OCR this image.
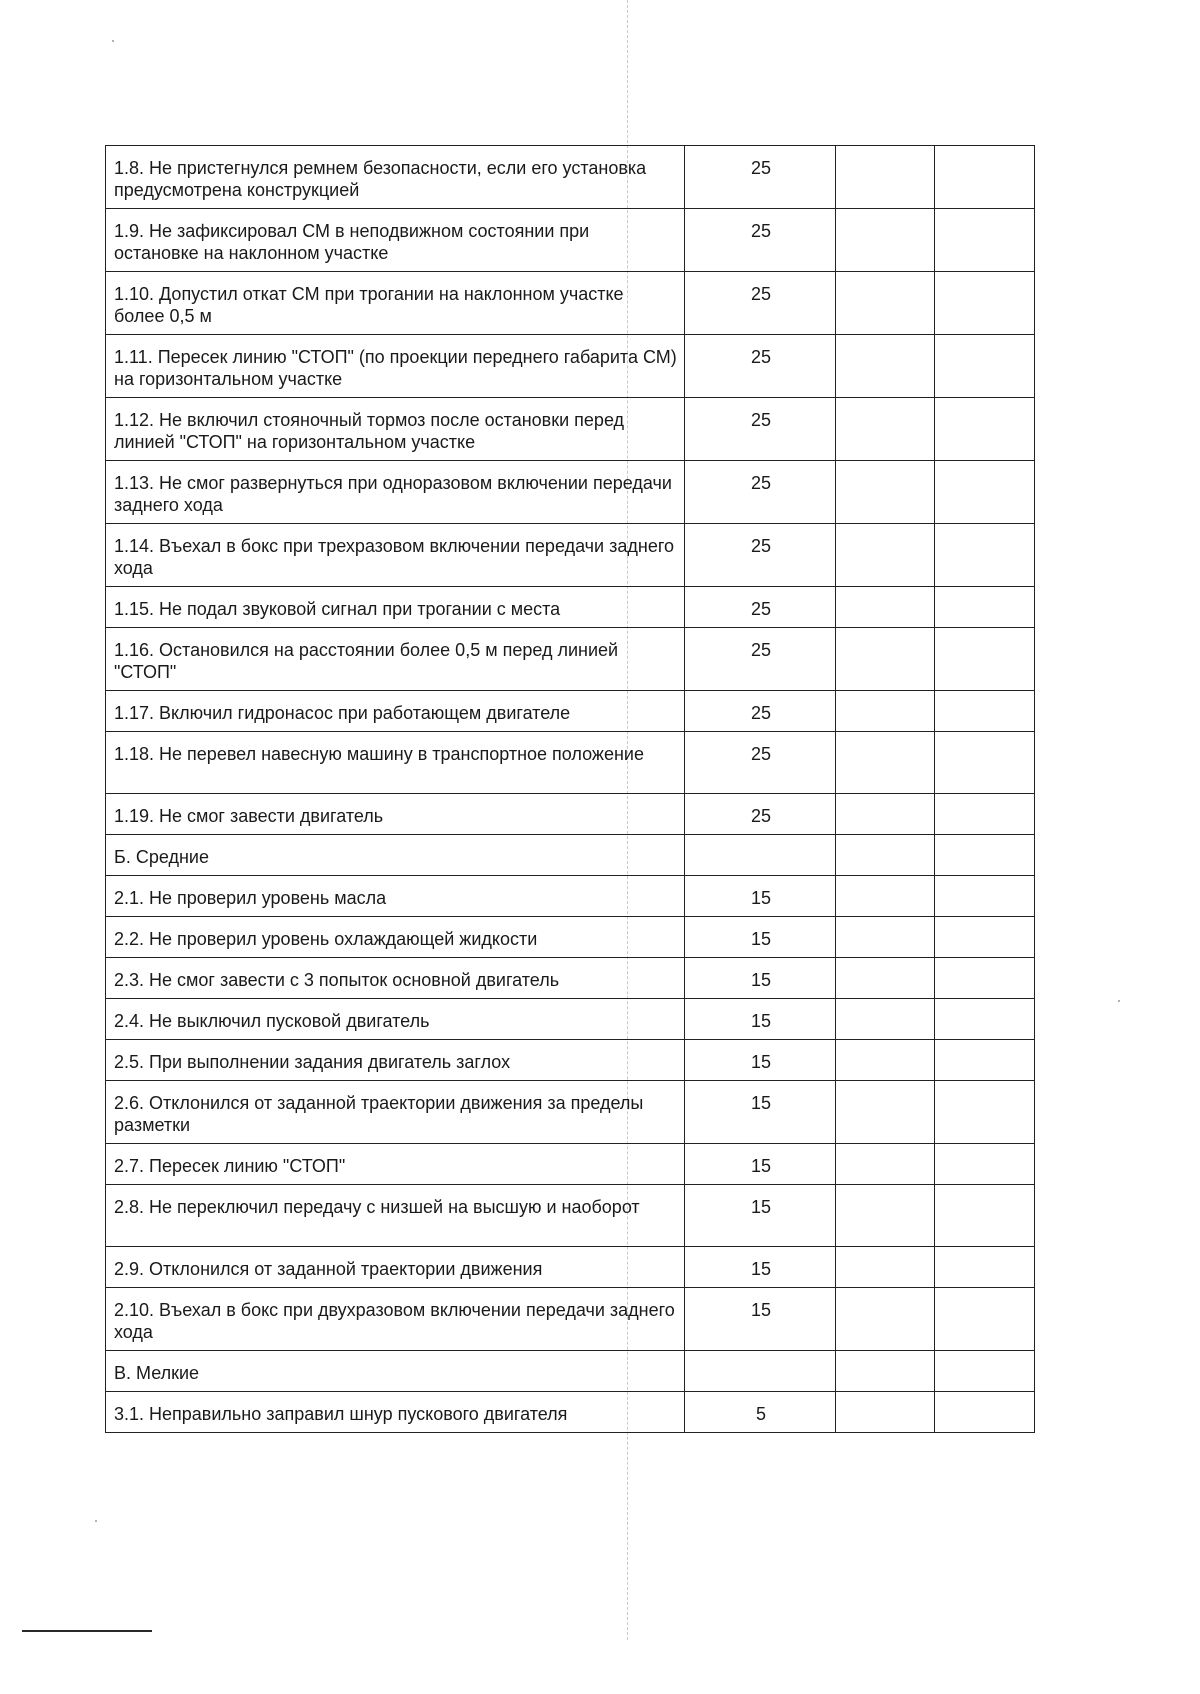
1.8. Не пристегнулся ремнем безопасности, если его установка предусмотрена конструкцией	25		
1.9. Не зафиксировал СМ в неподвижном состоянии при остановке на наклонном участке	25		
1.10. Допустил откат СМ при трогании на наклонном участке более 0,5 м	25		
1.11. Пересек линию "СТОП" (по проекции переднего габарита СМ) на горизонтальном участке	25		
1.12. Не включил стояночный тормоз после остановки перед линией "СТОП" на горизонтальном участке	25		
1.13. Не смог развернуться при одноразовом включении передачи заднего хода	25		
1.14. Въехал в бокс при трехразовом включении передачи заднего хода	25		
1.15. Не подал звуковой сигнал при трогании с места	25		
1.16. Остановился на расстоянии более 0,5 м перед линией "СТОП"	25		
1.17. Включил гидронасос при работающем двигателе	25		
1.18. Не перевел навесную машину в транспортное положение	25		
1.19. Не смог завести двигатель	25		
Б. Средние			
2.1. Не проверил уровень масла	15		
2.2. Не проверил уровень охлаждающей жидкости	15		
2.3. Не смог завести с 3 попыток основной двигатель	15		
2.4. Не выключил пусковой двигатель	15		
2.5. При выполнении задания двигатель заглох	15		
2.6. Отклонился от заданной траектории движения за пределы разметки	15		
2.7. Пересек линию "СТОП"	15		
2.8. Не переключил передачу с низшей на высшую и наоборот	15		
2.9. Отклонился от заданной траектории движения	15		
2.10. Въехал в бокс при двухразовом включении передачи заднего хода	15		
В. Мелкие			
3.1. Неправильно заправил шнур пускового двигателя	5		
